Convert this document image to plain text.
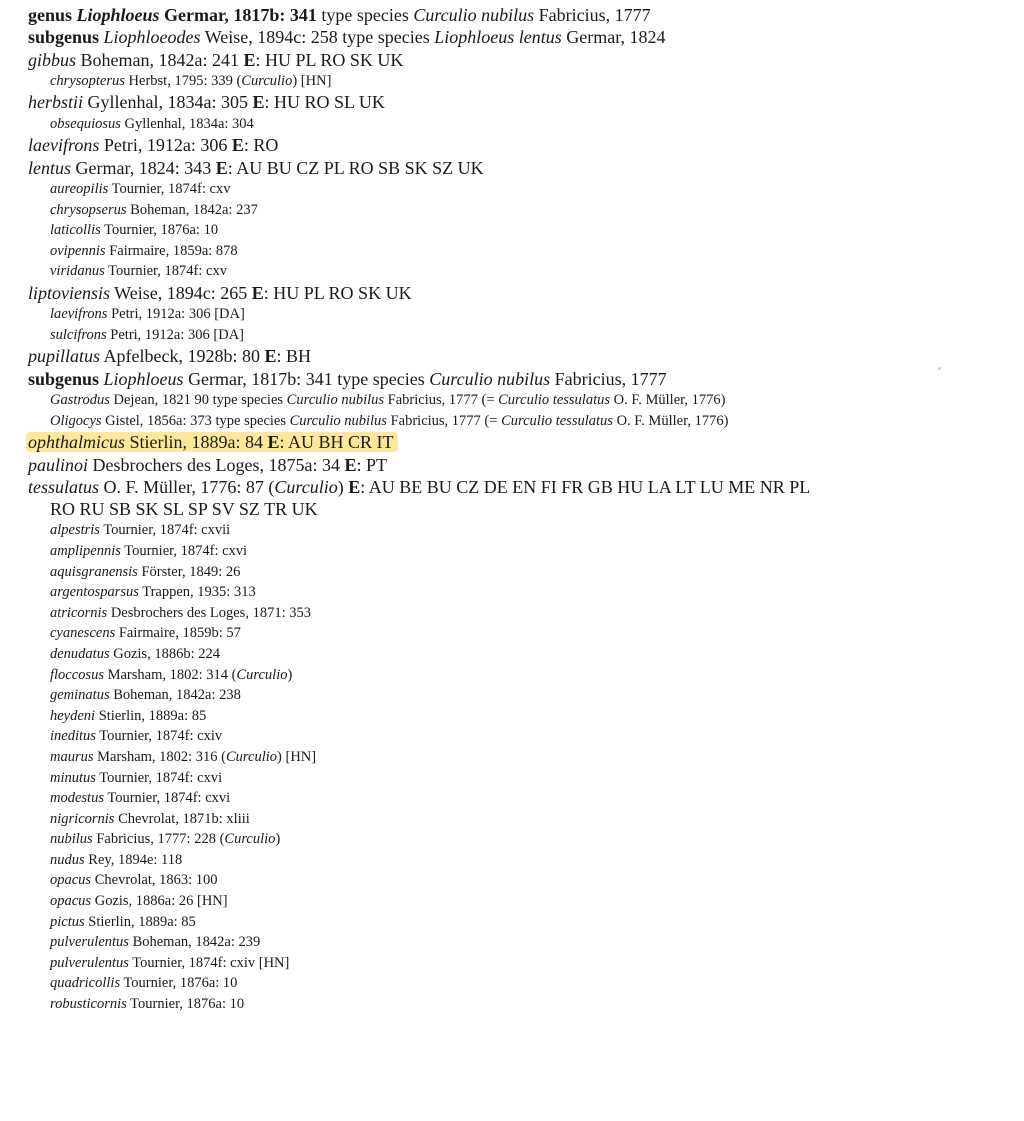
genus Liophloeus Germar, 1817b: 341 type species Curculio nubilus Fabricius, 1777
subgenus Liophloeodes Weise, 1894c: 258 type species Liophloeus lentus Germar, 1824
gibbus Boheman, 1842a: 241 E: HU PL RO SK UK
chrysopterus Herbst, 1795: 339 (Curculio) [HN]
herbstii Gyllenhal, 1834a: 305 E: HU RO SL UK
obsequiosus Gyllenhal, 1834a: 304
laevifrons Petri, 1912a: 306 E: RO
lentus Germar, 1824: 343 E: AU BU CZ PL RO SB SK SZ UK
aureopilis Tournier, 1874f: cxv
chrysopserus Boheman, 1842a: 237
laticollis Tournier, 1876a: 10
ovipennis Fairmaire, 1859a: 878
viridanus Tournier, 1874f: cxv
liptoviensis Weise, 1894c: 265 E: HU PL RO SK UK
laevifrons Petri, 1912a: 306 [DA]
sulcifrons Petri, 1912a: 306 [DA]
pupillatus Apfelbeck, 1928b: 80 E: BH
subgenus Liophloeus Germar, 1817b: 341 type species Curculio nubilus Fabricius, 1777
Gastrodus Dejean, 1821 90 type species Curculio nubilus Fabricius, 1777 (= Curculio tessulatus O. F. Müller, 1776)
Oligocys Gistel, 1856a: 373 type species Curculio nubilus Fabricius, 1777 (= Curculio tessulatus O. F. Müller, 1776)
ophthalmicus Stierlin, 1889a: 84 E: AU BH CR IT
paulinoi Desbrochers des Loges, 1875a: 34 E: PT
tessulatus O. F. Müller, 1776: 87 (Curculio) E: AU BE BU CZ DE EN FI FR GB HU LA LT LU ME NR PL
RO RU SB SK SL SP SV SZ TR UK
alpestris Tournier, 1874f: cxvii
amplipennis Tournier, 1874f: cxvi
aquisgranensis Förster, 1849: 26
argentosparsus Trappen, 1935: 313
atricornis Desbrochers des Loges, 1871: 353
cyanescens Fairmaire, 1859b: 57
denudatus Gozis, 1886b: 224
floccosus Marsham, 1802: 314 (Curculio)
geminatus Boheman, 1842a: 238
heydeni Stierlin, 1889a: 85
ineditus Tournier, 1874f: cxiv
maurus Marsham, 1802: 316 (Curculio) [HN]
minutus Tournier, 1874f: cxvi
modestus Tournier, 1874f: cxvi
nigricornis Chevrolat, 1871b: xliii
nubilus Fabricius, 1777: 228 (Curculio)
nudus Rey, 1894e: 118
opacus Chevrolat, 1863: 100
opacus Gozis, 1886a: 26 [HN]
pictus Stierlin, 1889a: 85
pulverulentus Boheman, 1842a: 239
pulverulentus Tournier, 1874f: cxiv [HN]
quadricollis Tournier, 1876a: 10
robusticornis Tournier, 1876a: 10
